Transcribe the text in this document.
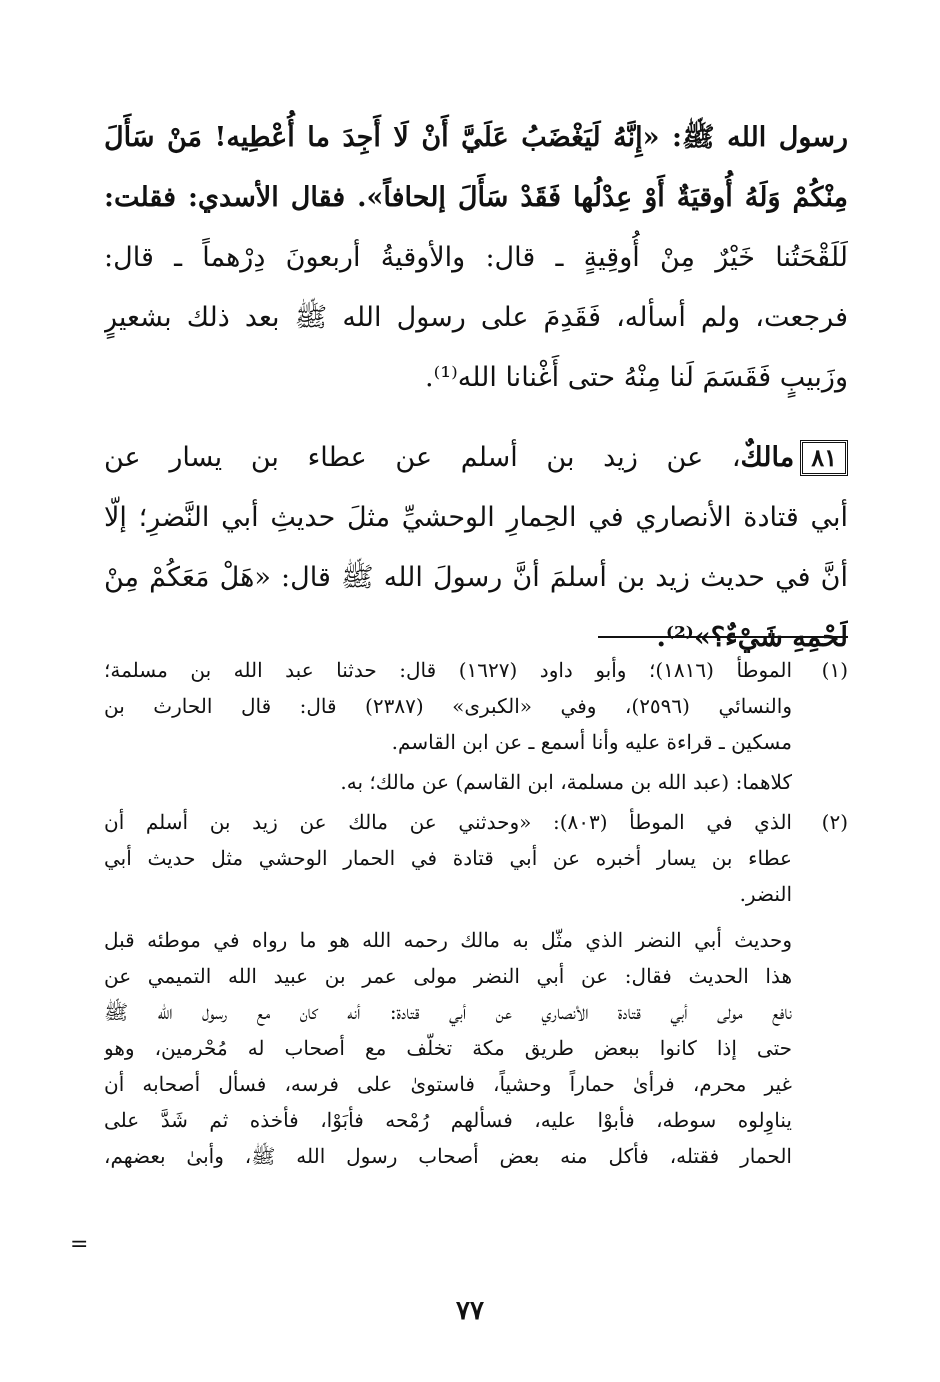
رسول الله ﷺ: «إِنَّهُ لَيَغْضَبُ عَلَيَّ أَنْ لَا أَجِدَ ما أُعْطِيه! مَنْ سَأَلَ
مِنْكُمْ وَلَهُ أُوقيَةٌ أَوْ عِدْلُها فَقَدْ سَأَلَ إلحافاً». فقال الأسدي: فقلت:
لَلَقْحَتُنا خَيْرٌ مِنْ أُوقِيةٍ ـ قال: والأوقيةُ أربعونَ دِرْهماً ـ قال:
فرجعت، ولم أسأله، فَقَدِمَ على رسول الله ﷺ بعد ذلك بشعيرٍ
وزَبيبٍ فَقَسَمَ لَنا مِنْهُ حتى أَغْنانا الله⁽¹⁾.
٨١مالكٌ، عن زيد بن أسلم عن عطاء بن يسار عن
أبي قتادة الأنصاري في الحِمارِ الوحشيِّ مثلَ حديثِ أبي النَّضرِ؛ إلّا
أنَّ في حديث زيد بن أسلمَ أنَّ رسولَ الله ﷺ قال: «هَلْ مَعَكُمْ مِنْ
لَحْمِهِ شَيْءٌ؟»⁽²⁾.
(١)
الموطأ (١٨١٦)؛ وأبو داود (١٦٢٧) قال: حدثنا عبد الله بن مسلمة؛
والنسائي (٢٥٩٦)، وفي «الكبرى» (٢٣٨٧) قال: قال الحارث بن
مسكين ـ قراءة عليه وأنا أسمع ـ عن ابن القاسم.
كلاهما: (عبد الله بن مسلمة، ابن القاسم) عن مالك؛ به.
(٢)
الذي في الموطأ (٨٠٣): «وحدثني عن مالك عن زيد بن أسلم أن
عطاء بن يسار أخبره عن أبي قتادة في الحمار الوحشي مثل حديث أبي
النضر.
وحديث أبي النضر الذي مثّل به مالك رحمه الله هو ما رواه في موطئه قبل
هذا الحديث فقال: عن أبي النضر مولى عمر بن عبيد الله التميمي عن
نافع مولى أبي قتادة الأنصاري عن أبي قتادة: أنه كان مع رسول الله ﷺ
حتى إذا كانوا ببعض طريق مكة تخلّف مع أصحاب له مُحْرمين، وهو
غير محرم، فرأىٰ حماراً وحشياً، فاستوىٰ على فرسه، فسأل أصحابه أن
يناوِلوه سوطه، فأبوْا عليه، فسألهم رُمْحه فأبَوْا، فأخذه ثم شَدَّ على
الحمار فقتله، فأكل منه بعض أصحاب رسول الله ﷺ، وأبىٰ بعضهم،
=
٧٧
